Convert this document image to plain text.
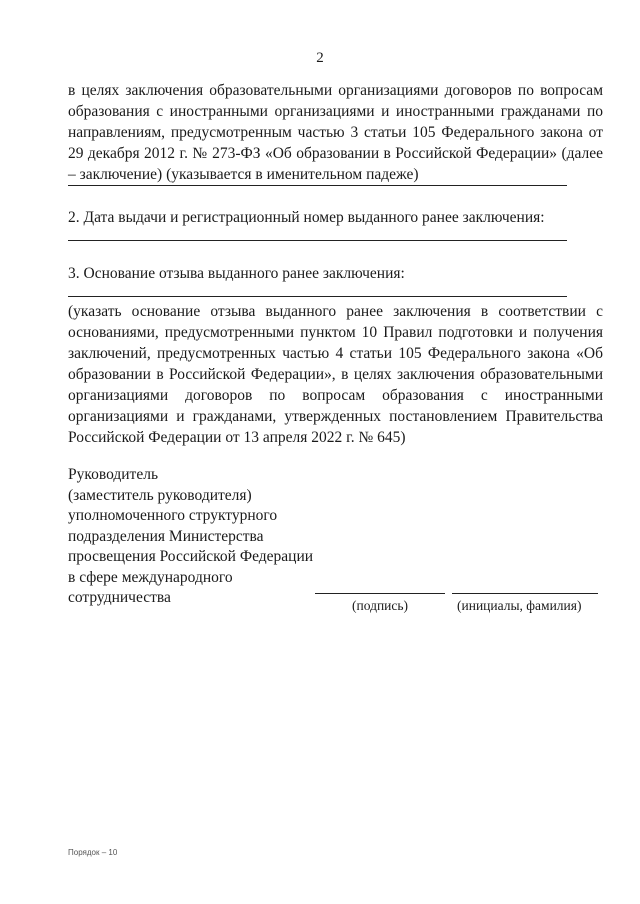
2

в целях заключения образовательными организациями договоров по вопросам образования с иностранными организациями и иностранными гражданами по направлениям, предусмотренным частью 3 статьи 105 Федерального закона от 29 декабря 2012 г. № 273-ФЗ «Об образовании в Российской Федерации» (далее – заключение) (указывается в именительном падеже)

2. Дата выдачи и регистрационный номер выданного ранее заключения:

3. Основание отзыва выданного ранее заключения:

(указать основание отзыва выданного ранее заключения в соответствии с основаниями, предусмотренными пунктом 10 Правил подготовки и получения заключений, предусмотренных частью 4 статьи 105 Федерального закона «Об образовании в Российской Федерации», в целях заключения образовательными организациями договоров по вопросам образования с иностранными организациями и гражданами, утвержденных постановлением Правительства Российской Федерации от 13 апреля 2022 г. № 645)

Руководитель
(заместитель руководителя)
уполномоченного структурного
подразделения Министерства
просвещения Российской Федерации
в сфере международного
сотрудничества	(подпись)	(инициалы, фамилия)
Порядок – 10
